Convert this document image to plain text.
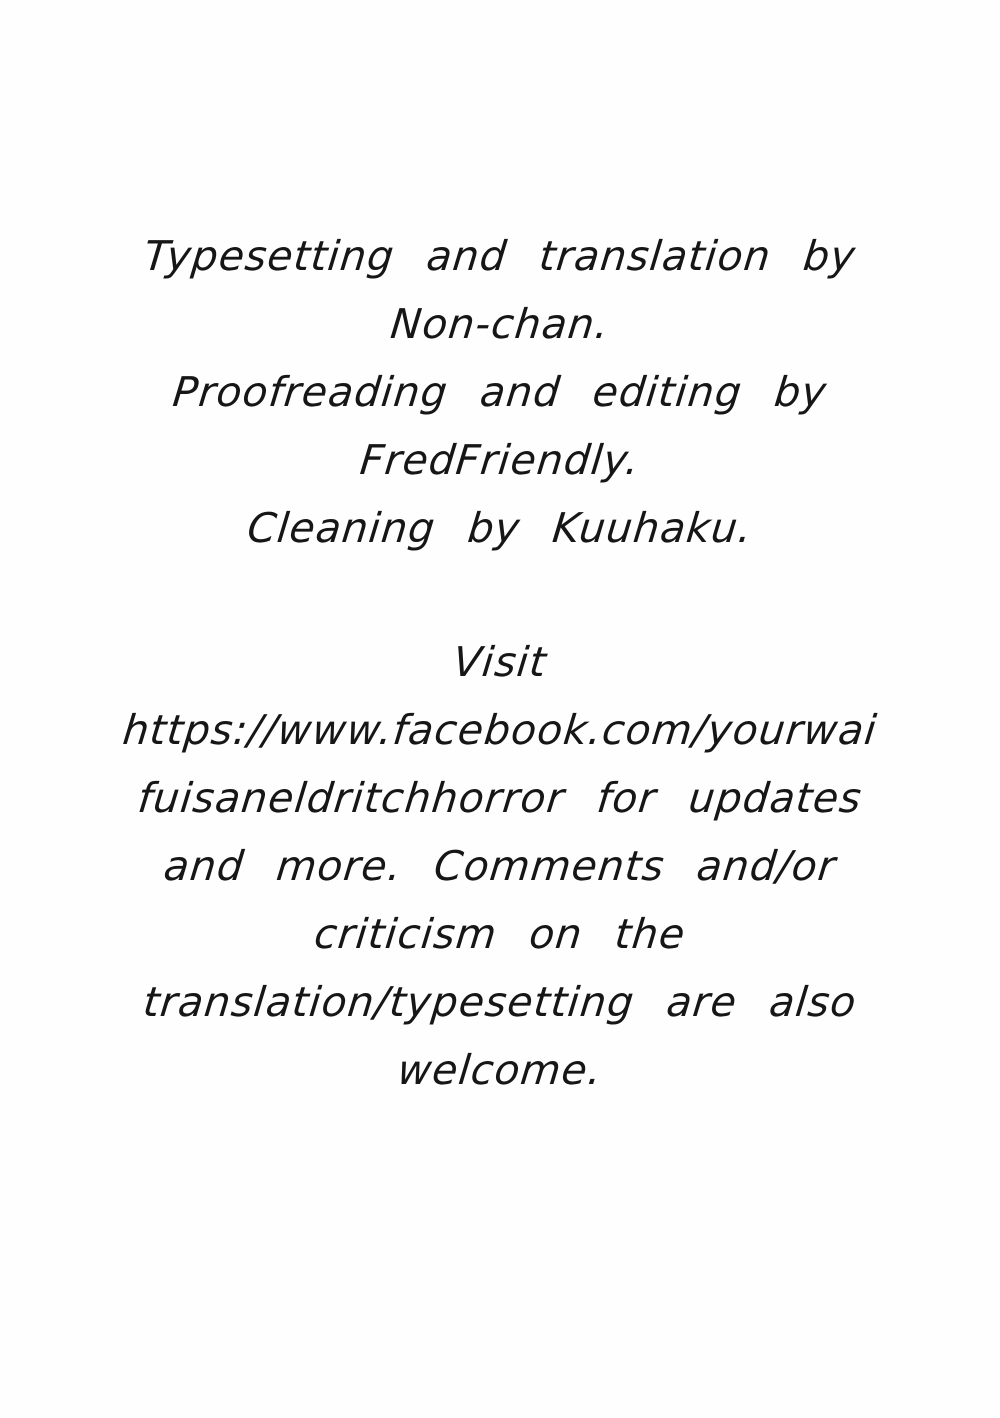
Typesetting and translation by
Non-chan.
Proofreading and editing by
FredFriendly.
Cleaning by Kuuhaku.
Visit
https://www.facebook.com/yourwai
fuisaneldritchhorror for updates
and more. Comments and/or
criticism on the
translation/typesetting are also
welcome.
